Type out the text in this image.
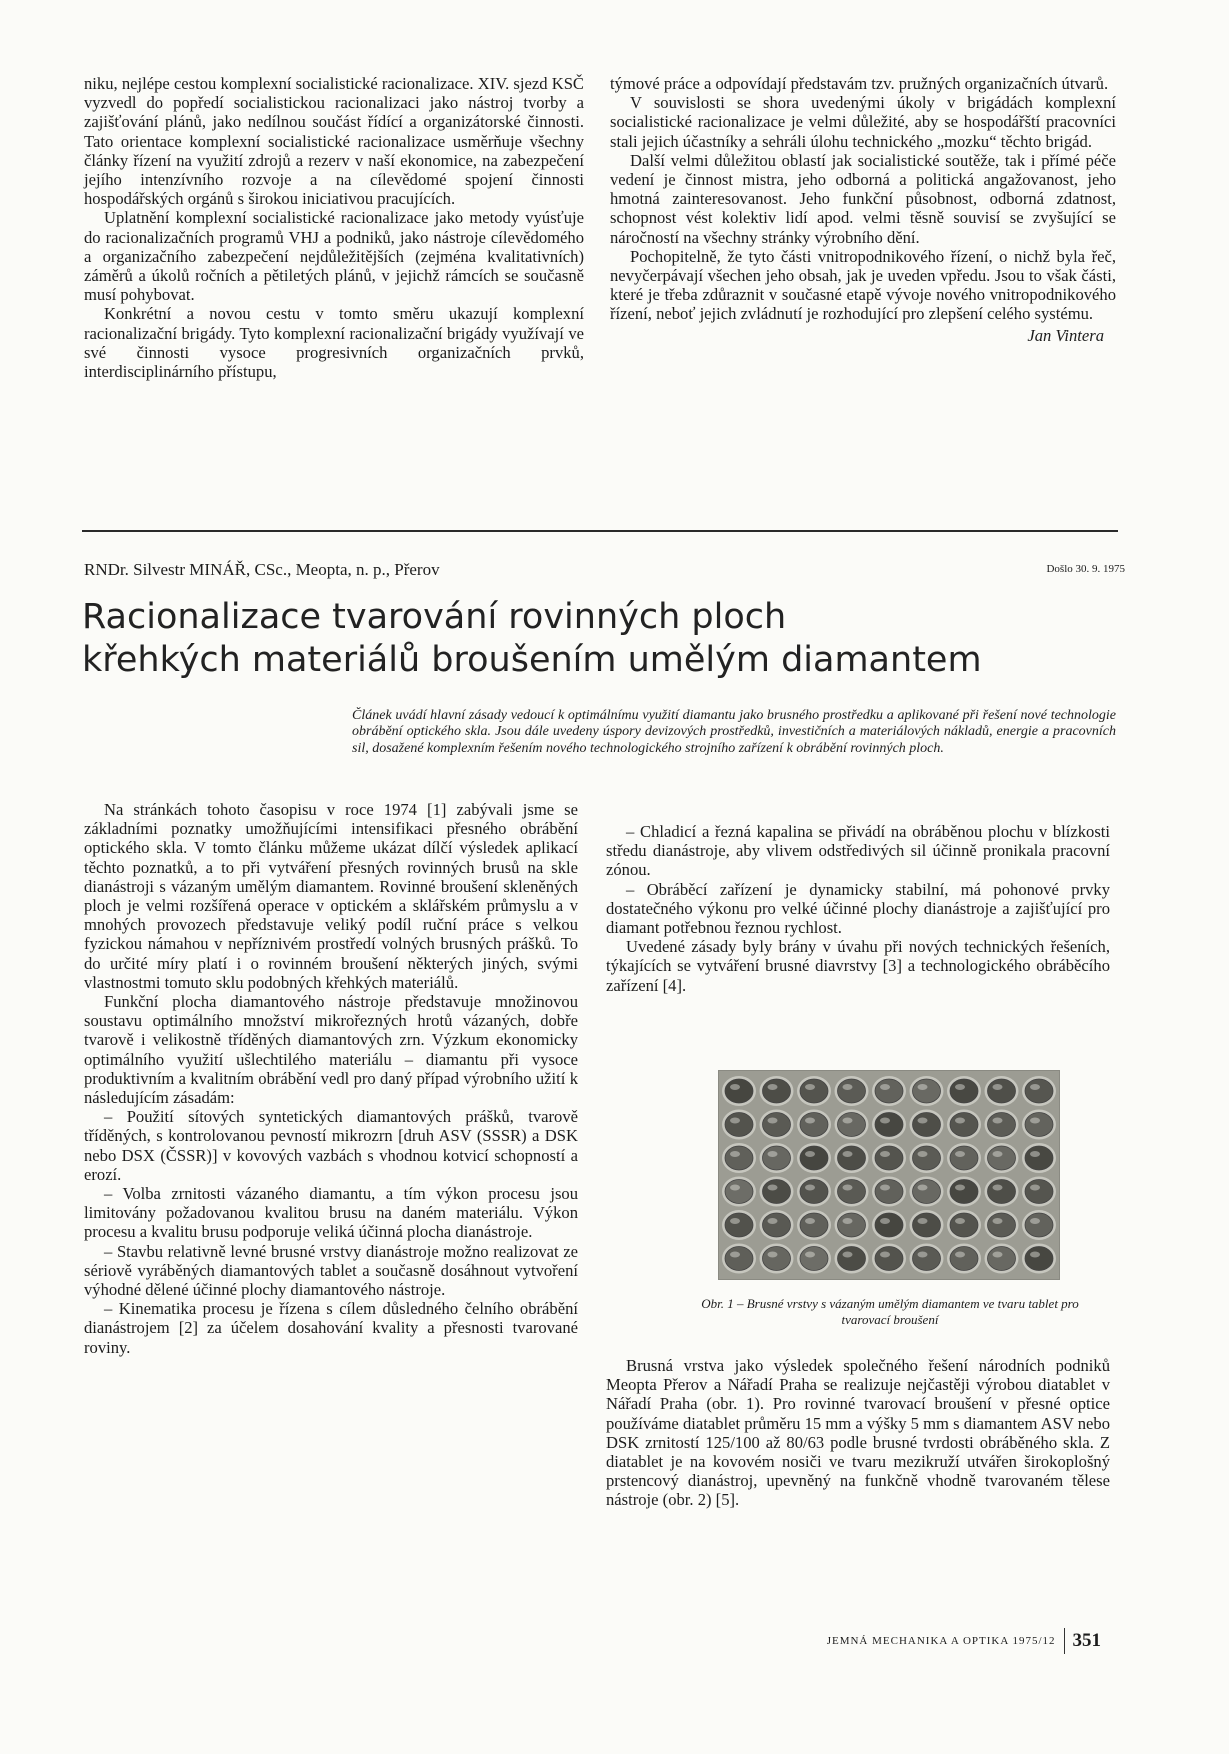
niku, nejlépe cestou komplexní socialistické racionalizace. XIV. sjezd KSČ vyzvedl do popředí socialistickou racionalizaci jako nástroj tvorby a zajišťování plánů, jako nedílnou součást řídící a organizátorské činnosti. Tato orientace komplexní socialistické racionalizace usměrňuje všechny články řízení na využití zdrojů a rezerv v naší ekonomice, na zabezpečení jejího intenzívního rozvoje a na cílevědomé spojení činnosti hospodářských orgánů s širokou iniciativou pracujících.

Uplatnění komplexní socialistické racionalizace jako metody vyúsťuje do racionalizačních programů VHJ a podniků, jako nástroje cílevědomého a organizačního zabezpečení nejdůležitějších (zejména kvalitativních) záměrů a úkolů ročních a pětiletých plánů, v jejichž rámcích se současně musí pohybovat.

Konkrétní a novou cestu v tomto směru ukazují komplexní racionalizační brigády. Tyto komplexní racionalizační brigády využívají ve své činnosti vysoce progresivních organizačních prvků, interdisciplinárního přístupu,

týmové práce a odpovídají představám tzv. pružných organizačních útvarů.

V souvislosti se shora uvedenými úkoly v brigádách komplexní socialistické racionalizace je velmi důležité, aby se hospodářští pracovníci stali jejich účastníky a sehráli úlohu technického „mozku“ těchto brigád.

Další velmi důležitou oblastí jak socialistické soutěže, tak i přímé péče vedení je činnost mistra, jeho odborná a politická angažovanost, jeho hmotná zainteresovanost. Jeho funkční působnost, odborná zdatnost, schopnost vést kolektiv lidí apod. velmi těsně souvisí se zvyšující se náročností na všechny stránky výrobního dění.

Pochopitelně, že tyto části vnitropodnikového řízení, o nichž byla řeč, nevyčerpávají všechen jeho obsah, jak je uveden vpředu. Jsou to však části, které je třeba zdůraznit v současné etapě vývoje nového vnitropodnikového řízení, neboť jejich zvládnutí je rozhodující pro zlepšení celého systému.

Jan Vintera
RNDr. Silvestr MINÁŘ, CSc., Meopta, n. p., Přerov	Došlo 30. 9. 1975
Racionalizace tvarování rovinných ploch
křehkých materiálů broušením umělým diamantem

Článek uvádí hlavní zásady vedoucí k optimálnímu využití diamantu jako brusného prostředku a aplikované při řešení nové technologie obrábění optického skla. Jsou dále uvedeny úspory devizových prostředků, investičních a materiálových nákladů, energie a pracovních sil, dosažené komplexním řešením nového technologického strojního zařízení k obrábění rovinných ploch.

Na stránkách tohoto časopisu v roce 1974 [1] zabývali jsme se základními poznatky umožňujícími intensifikaci přesného obrábění optického skla. V tomto článku můžeme ukázat dílčí výsledek aplikací těchto poznatků, a to při vytváření přesných rovinných brusů na skle dianástroji s vázaným umělým diamantem. Rovinné broušení skleněných ploch je velmi rozšířená operace v optickém a sklářském průmyslu a v mnohých provozech představuje veliký podíl ruční práce s velkou fyzickou námahou v nepříznivém prostředí volných brusných prášků. To do určité míry platí i o rovinném broušení některých jiných, svými vlastnostmi tomuto sklu podobných křehkých materiálů.

Funkční plocha diamantového nástroje představuje množinovou soustavu optimálního množství mikrořezných hrotů vázaných, dobře tvarově i velikostně tříděných diamantových zrn. Výzkum ekonomicky optimálního využití ušlechtilého materiálu – diamantu při vysoce produktivním a kvalitním obrábění vedl pro daný případ výrobního užití k následujícím zásadám:

– Použití sítových syntetických diamantových prášků, tvarově tříděných, s kontrolovanou pevností mikrozrn [druh ASV (SSSR) a DSK nebo DSX (ČSSR)] v kovových vazbách s vhodnou kotvicí schopností a erozí.

– Volba zrnitosti vázaného diamantu, a tím výkon procesu jsou limitovány požadovanou kvalitou brusu na daném materiálu. Výkon procesu a kvalitu brusu podporuje veliká účinná plocha dianástroje.

– Stavbu relativně levné brusné vrstvy dianástroje možno realizovat ze sériově vyráběných diamantových tablet a současně dosáhnout vytvoření výhodné dělené účinné plochy diamantového nástroje.

– Kinematika procesu je řízena s cílem důsledného čelního obrábění dianástrojem [2] za účelem dosahování kvality a přesnosti tvarované roviny.

– Chladicí a řezná kapalina se přivádí na obráběnou plochu v blízkosti středu dianástroje, aby vlivem odstředivých sil účinně pronikala pracovní zónou.

– Obráběcí zařízení je dynamicky stabilní, má pohonové prvky dostatečného výkonu pro velké účinné plochy dianástroje a zajišťující pro diamant potřebnou řeznou rychlost.

Uvedené zásady byly brány v úvahu při nových technických řešeních, týkajících se vytváření brusné diavrstvy [3] a technologického obráběcího zařízení [4].

Obr. 1 – Brusné vrstvy s vázaným umělým diamantem ve tvaru tablet pro tvarovací broušení

Brusná vrstva jako výsledek společného řešení národních podniků Meopta Přerov a Nářadí Praha se realizuje nejčastěji výrobou diatablet v Nářadí Praha (obr. 1). Pro rovinné tvarovací broušení v přesné optice používáme diatablet průměru 15 mm a výšky 5 mm s diamantem ASV nebo DSK zrnitostí 125/100 až 80/63 podle brusné tvrdosti obráběného skla. Z diatablet je na kovovém nosiči ve tvaru mezikruží utvářen širokoplošný prstencový dianástroj, upevněný na funkčně vhodně tvarovaném tělese nástroje (obr. 2) [5].

JEMNÁ MECHANIKA A OPTIKA 1975/12 351
